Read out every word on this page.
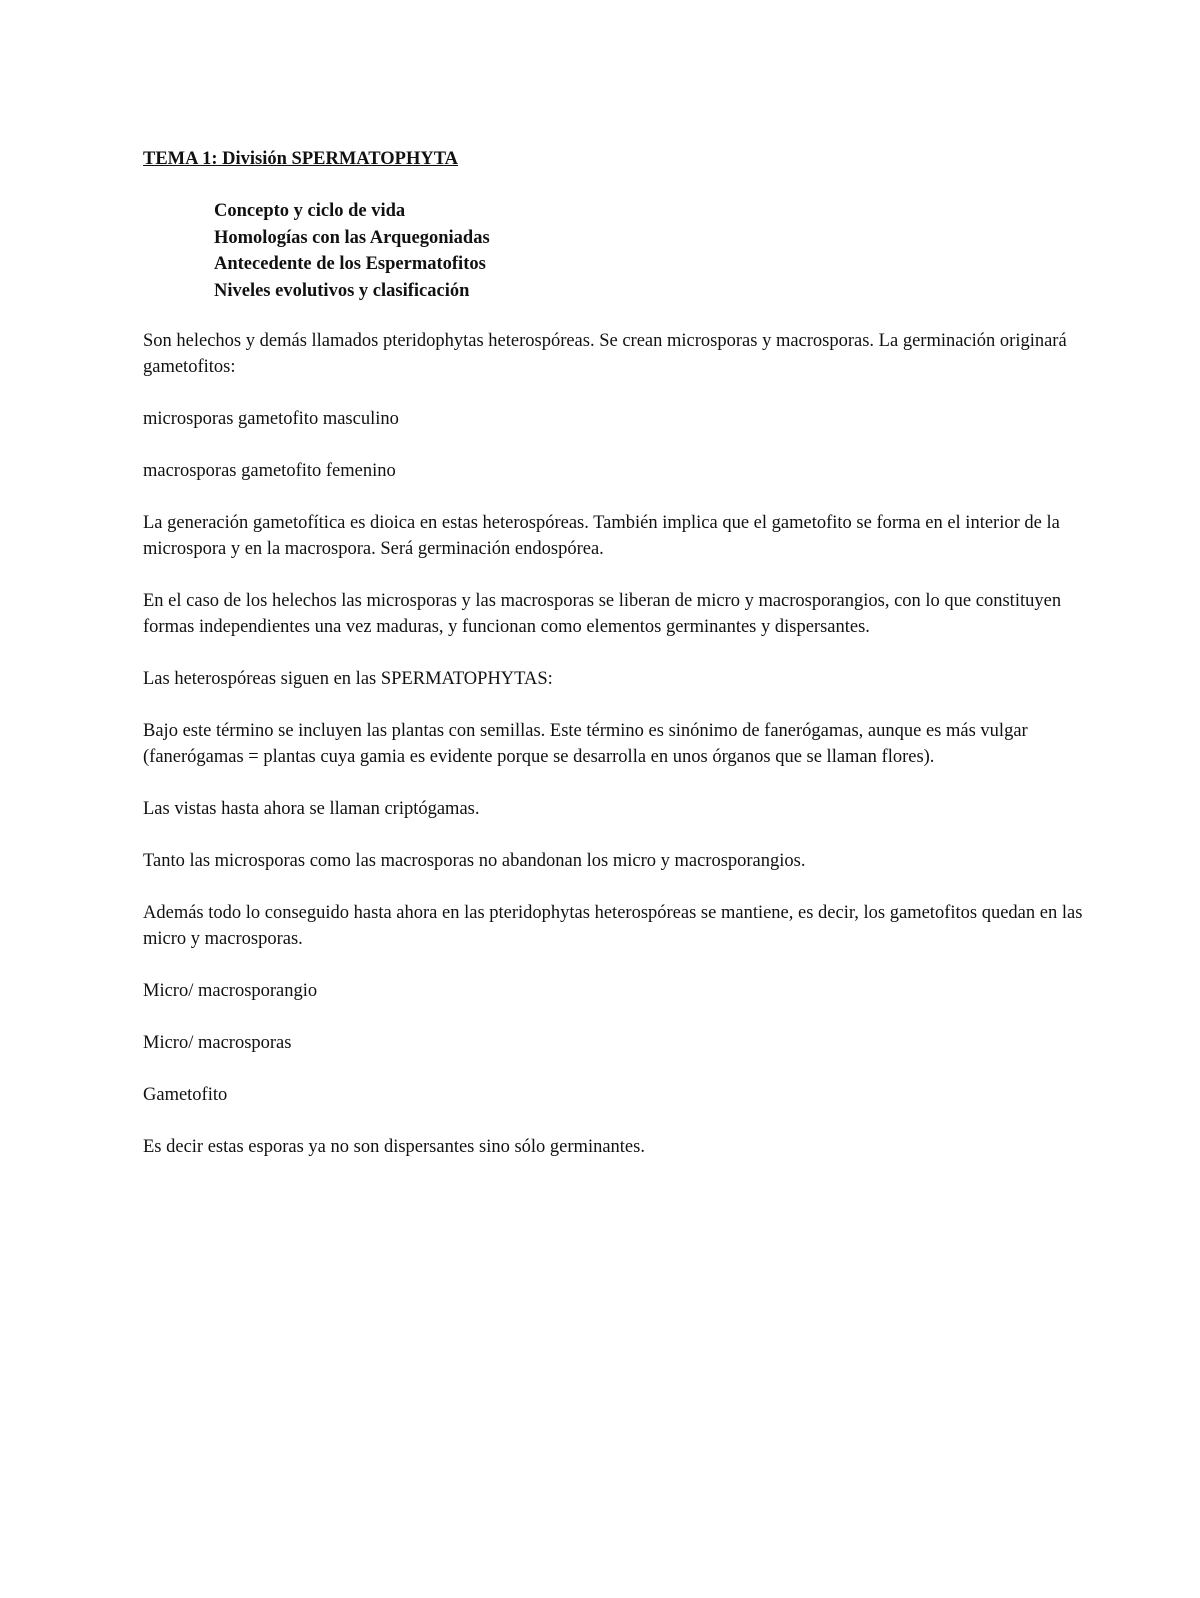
TEMA 1: División SPERMATOPHYTA

Concepto y ciclo de vida
Homologías con las Arquegoniadas
Antecedente de los Espermatofitos
Niveles evolutivos y clasificación

Son helechos y demás llamados pteridophytas heterospóreas. Se crean microsporas y macrosporas. La germinación originará gametofitos:

microsporas gametofito masculino

macrosporas gametofito femenino

La generación gametofítica es dioica en estas heterospóreas. También implica que el gametofito se forma en el interior de la microspora y en la macrospora. Será germinación endospórea.

En el caso de los helechos las microsporas y las macrosporas se liberan de micro y macrosporangios, con lo que constituyen formas independientes una vez maduras, y funcionan como elementos germinantes y dispersantes.

Las heterospóreas siguen en las SPERMATOPHYTAS:

Bajo este término se incluyen las plantas con semillas. Este término es sinónimo de fanerógamas, aunque es más vulgar (fanerógamas = plantas cuya gamia es evidente porque se desarrolla en unos órganos que se llaman flores).

Las vistas hasta ahora se llaman criptógamas.

Tanto las microsporas como las macrosporas no abandonan los micro y macrosporangios.

Además todo lo conseguido hasta ahora en las pteridophytas heterospóreas se mantiene, es decir, los gametofitos quedan en las micro y macrosporas.

Micro/ macrosporangio

Micro/ macrosporas

Gametofito

Es decir estas esporas ya no son dispersantes sino sólo germinantes.
